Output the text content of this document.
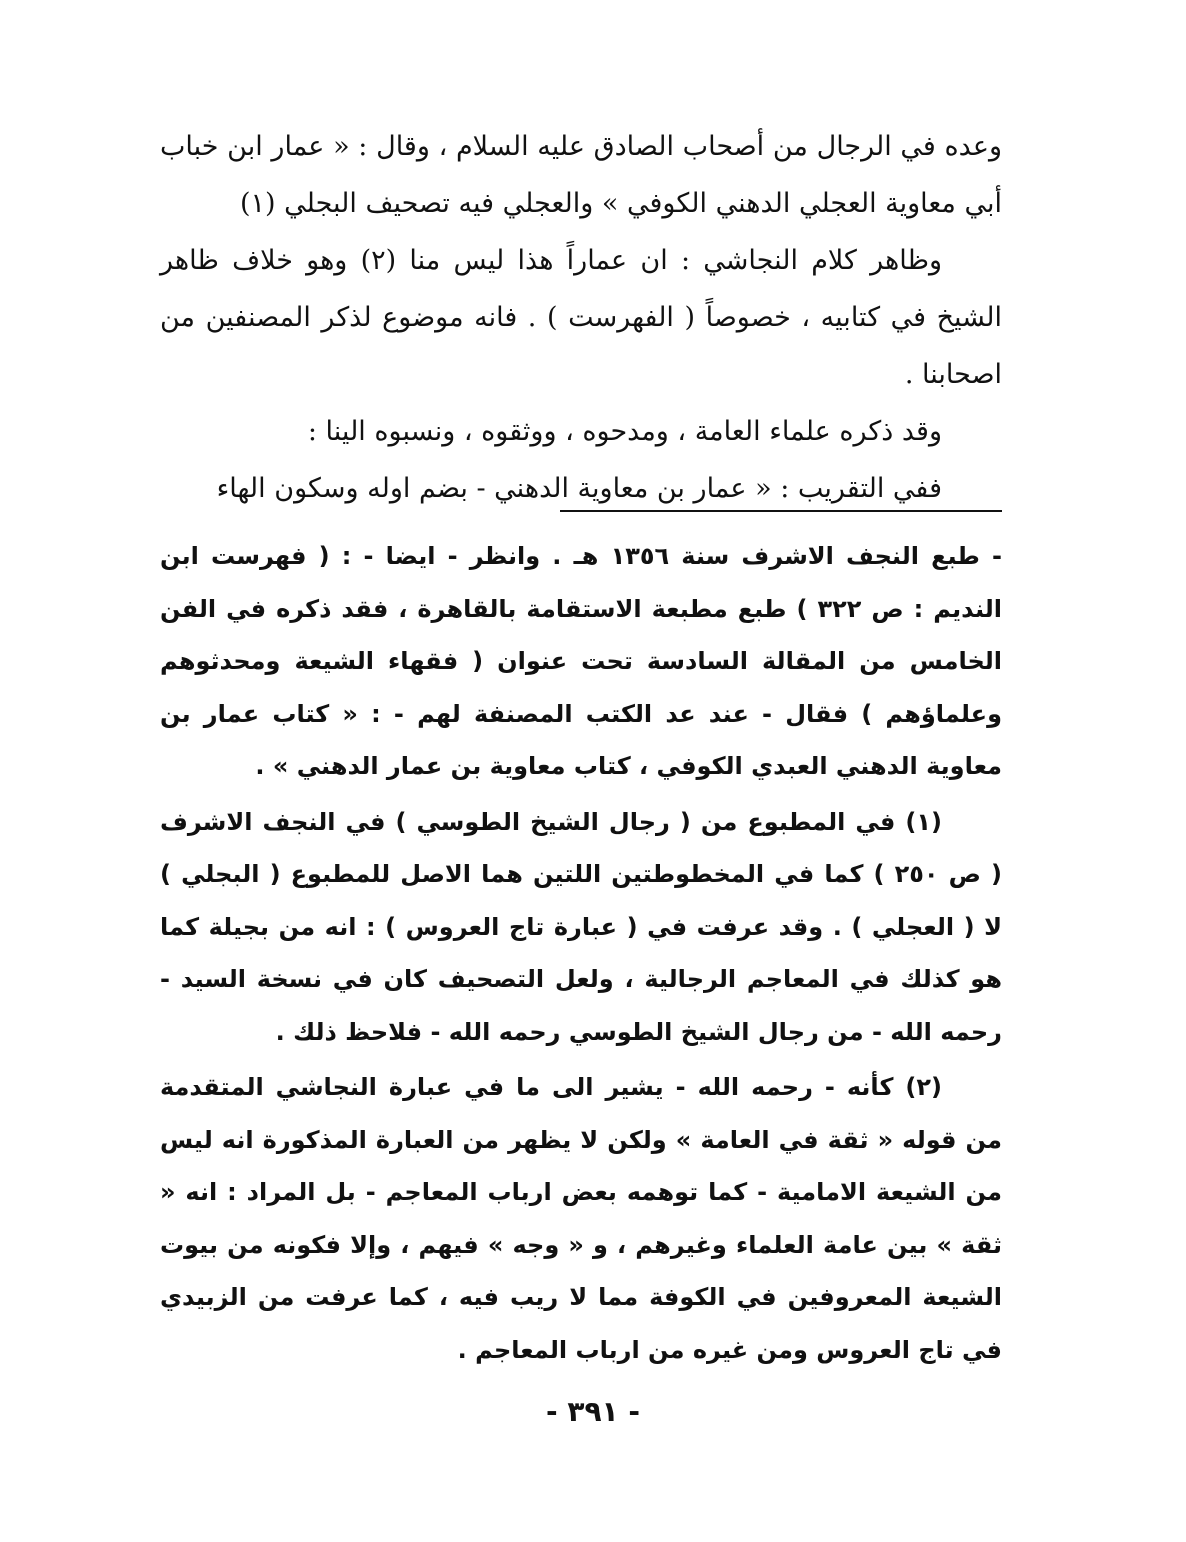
وعده في الرجال من أصحاب الصادق عليه السلام ، وقال : « عمار ابن خباب أبي معاوية العجلي الدهني الكوفي » والعجلي فيه تصحيف البجلي (١)

وظاهر كلام النجاشي : ان عماراً هذا ليس منا (٢) وهو خلاف ظاهر الشيخ في كتابيه ، خصوصاً ( الفهرست ) . فانه موضوع لذكر المصنفين من اصحابنا .

وقد ذكره علماء العامة ، ومدحوه ، ووثقوه ، ونسبوه الينا :

ففي التقريب : « عمار بن معاوية الدهني - بضم اوله وسكون الهاء

- طبع النجف الاشرف سنة ١٣٥٦ هـ . وانظر - ايضا - : ( فهرست ابن النديم : ص ٣٢٢ ) طبع مطبعة الاستقامة بالقاهرة ، فقد ذكره في الفن الخامس من المقالة السادسة تحت عنوان ( فقهاء الشيعة ومحدثوهم وعلماؤهم ) فقال - عند عد الكتب المصنفة لهم - : « كتاب عمار بن معاوية الدهني العبدي الكوفي ، كتاب معاوية بن عمار الدهني » .

(١) في المطبوع من ( رجال الشيخ الطوسي ) في النجف الاشرف ( ص ٢٥٠ ) كما في المخطوطتين اللتين هما الاصل للمطبوع ( البجلي ) لا ( العجلي ) . وقد عرفت في ( عبارة تاج العروس ) : انه من بجيلة كما هو كذلك في المعاجم الرجالية ، ولعل التصحيف كان في نسخة السيد - رحمه الله - من رجال الشيخ الطوسي رحمه الله - فلاحظ ذلك .

(٢) كأنه - رحمه الله - يشير الى ما في عبارة النجاشي المتقدمة من قوله « ثقة في العامة » ولكن لا يظهر من العبارة المذكورة انه ليس من الشيعة الامامية - كما توهمه بعض ارباب المعاجم - بل المراد : انه « ثقة » بين عامة العلماء وغيرهم ، و « وجه » فيهم ، وإلا فكونه من بيوت الشيعة المعروفين في الكوفة مما لا ريب فيه ، كما عرفت من الزبيدي في تاج العروس ومن غيره من ارباب المعاجم .

- ٣٩١ -
